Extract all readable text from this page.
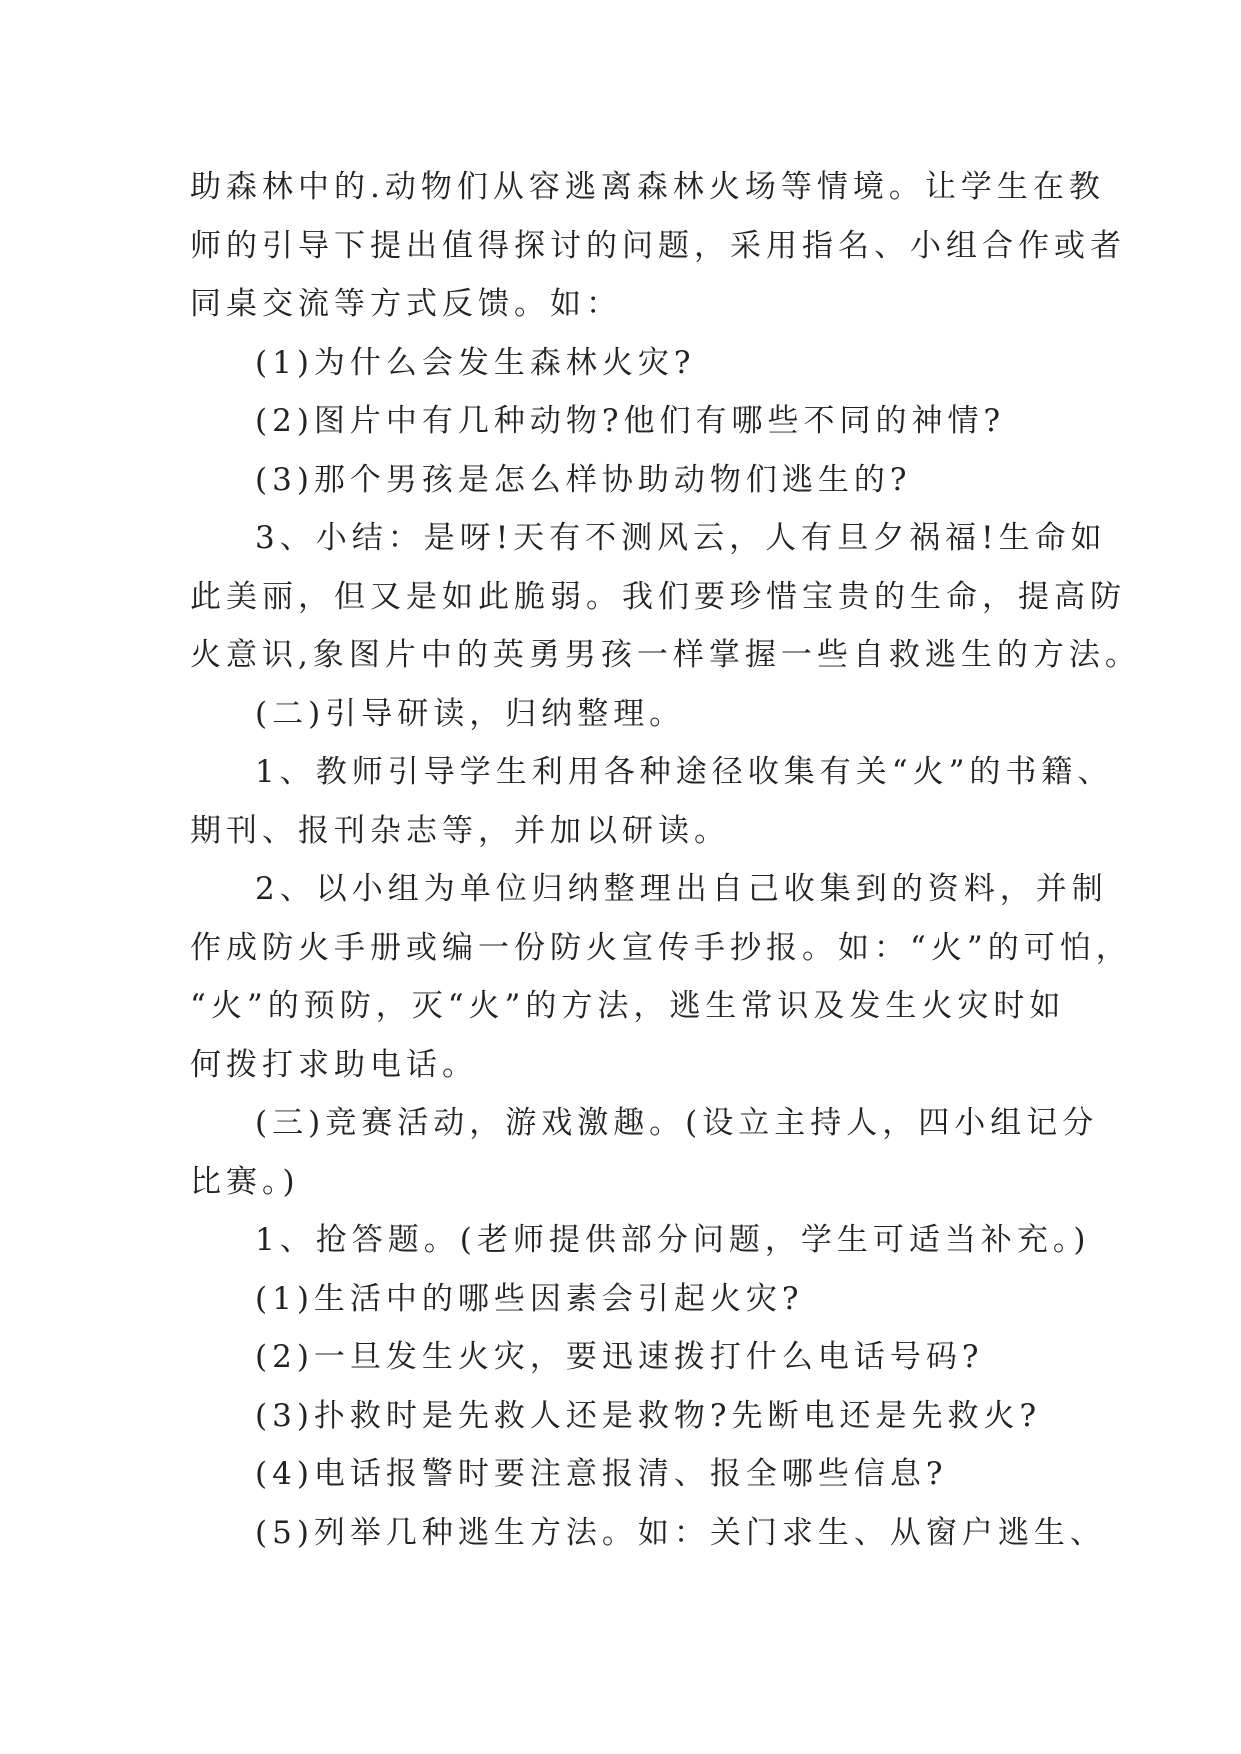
助森林中的.动物们从容逃离森林火场等情境。让学生在教
师的引导下提出值得探讨的问题，采用指名、小组合作或者
同桌交流等方式反馈。如：
(1)为什么会发生森林火灾?
(2)图片中有几种动物?他们有哪些不同的神情?
(3)那个男孩是怎么样协助动物们逃生的?
3、小结：是呀!天有不测风云，人有旦夕祸福!生命如
此美丽，但又是如此脆弱。我们要珍惜宝贵的生命，提高防
火意识,象图片中的英勇男孩一样掌握一些自救逃生的方法。
(二)引导研读，归纳整理。
1、教师引导学生利用各种途径收集有关“火”的书籍、
期刊、报刊杂志等，并加以研读。
2、以小组为单位归纳整理出自己收集到的资料，并制
作成防火手册或编一份防火宣传手抄报。如：“火”的可怕，
“火”的预防，灭“火”的方法，逃生常识及发生火灾时如
何拨打求助电话。
(三)竞赛活动，游戏激趣。(设立主持人，四小组记分
比赛。)
1、抢答题。(老师提供部分问题，学生可适当补充。)
(1)生活中的哪些因素会引起火灾?
(2)一旦发生火灾，要迅速拨打什么电话号码?
(3)扑救时是先救人还是救物?先断电还是先救火?
(4)电话报警时要注意报清、报全哪些信息?
(5)列举几种逃生方法。如：关门求生、从窗户逃生、
